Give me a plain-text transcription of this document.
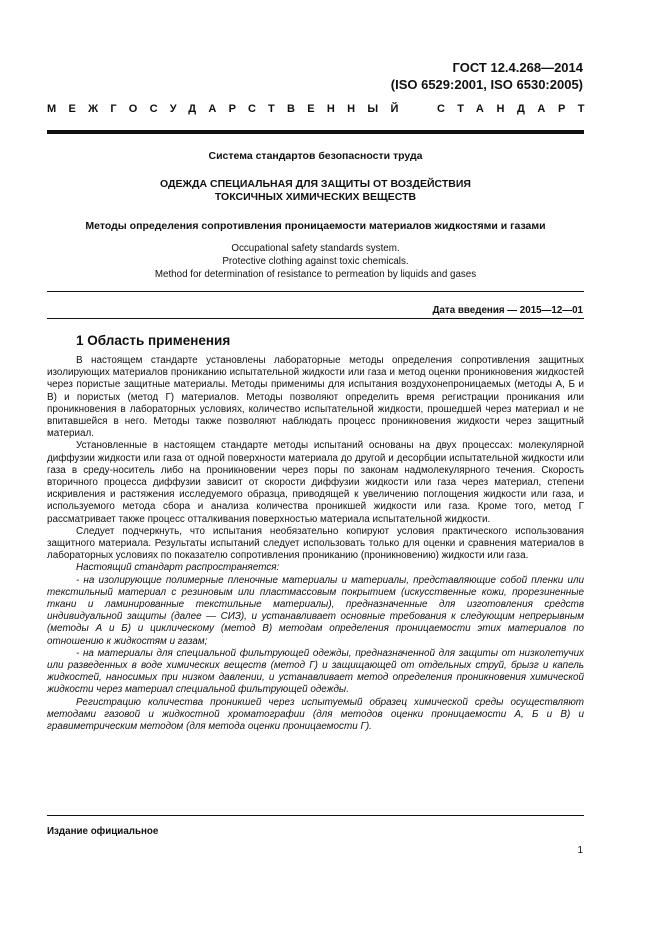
ГОСТ 12.4.268—2014
(ISO 6529:2001, ISO 6530:2005)
МЕЖГОСУДАРСТВЕННЫЙ СТАНДАРТ
Система стандартов безопасности труда
ОДЕЖДА СПЕЦИАЛЬНАЯ ДЛЯ ЗАЩИТЫ ОТ ВОЗДЕЙСТВИЯ
ТОКСИЧНЫХ ХИМИЧЕСКИХ ВЕЩЕСТВ
Методы определения сопротивления проницаемости материалов жидкостями и газами
Occupational safety standards system.
Protective clothing against toxic chemicals.
Method for determination of resistance to permeation by liquids and gases
Дата введения — 2015—12—01
1 Область применения

В настоящем стандарте установлены лабораторные методы определения сопротивления защитных изолирующих материалов прониканию испытательной жидкости или газа и метод оценки проникновения жидкостей через пористые защитные материалы. Методы применимы для испытания воздухонепроницаемых (методы А, Б и В) и пористых (метод Г) материалов. Методы позволяют определить время регистрации проникания или проникновения в лабораторных условиях, количество испытательной жидкости, прошедшей через материал и не впитавшейся в него. Методы также позволяют наблюдать процесс проникновения жидкости через защитный материал.

Установленные в настоящем стандарте методы испытаний основаны на двух процессах: молекулярной диффузии жидкости или газа от одной поверхности материала до другой и десорбции испытательной жидкости или газа в среду-носитель либо на проникновении через поры по законам надмолекулярного течения. Скорость вторичного процесса диффузии зависит от скорости диффузии жидкости или газа через материал, степени искривления и растяжения исследуемого образца, приводящей к увеличению поглощения жидкости или газа, и используемого метода сбора и анализа количества проникшей жидкости или газа. Кроме того, метод Г рассматривает также процесс отталкивания поверхностью материала испытательной жидкости.

Следует подчеркнуть, что испытания необязательно копируют условия практического использования защитного материала. Результаты испытаний следует использовать только для оценки и сравнения материалов в лабораторных условиях по показателю сопротивления прониканию (проникновению) жидкости или газа.

Настоящий стандарт распространяется:

- на изолирующие полимерные пленочные материалы и материалы, представляющие собой пленки или текстильный материал с резиновым или пластмассовым покрытием (искусственные кожи, прорезиненные ткани и ламинированные текстильные материалы), предназначенные для изготовления средств индивидуальной защиты (далее — СИЗ), и устанавливает основные требования к следующим непрерывным (методы А и Б) и циклическому (метод В) методам определения проницаемости этих материалов по отношению к жидкостям и газам;

- на материалы для специальной фильтрующей одежды, предназначенной для защиты от низколетучих или разведенных в воде химических веществ (метод Г) и защищающей от отдельных струй, брызг и капель жидкостей, наносимых при низком давлении, и устанавливает метод определения проникновения химической жидкости через материал специальной фильтрующей одежды.

Регистрацию количества проникшей через испытуемый образец химической среды осуществляют методами газовой и жидкостной хроматографии (для методов оценки проницаемости А, Б и В) и гравиметрическим методом (для метода оценки проницаемости Г).

Издание официальное
1
